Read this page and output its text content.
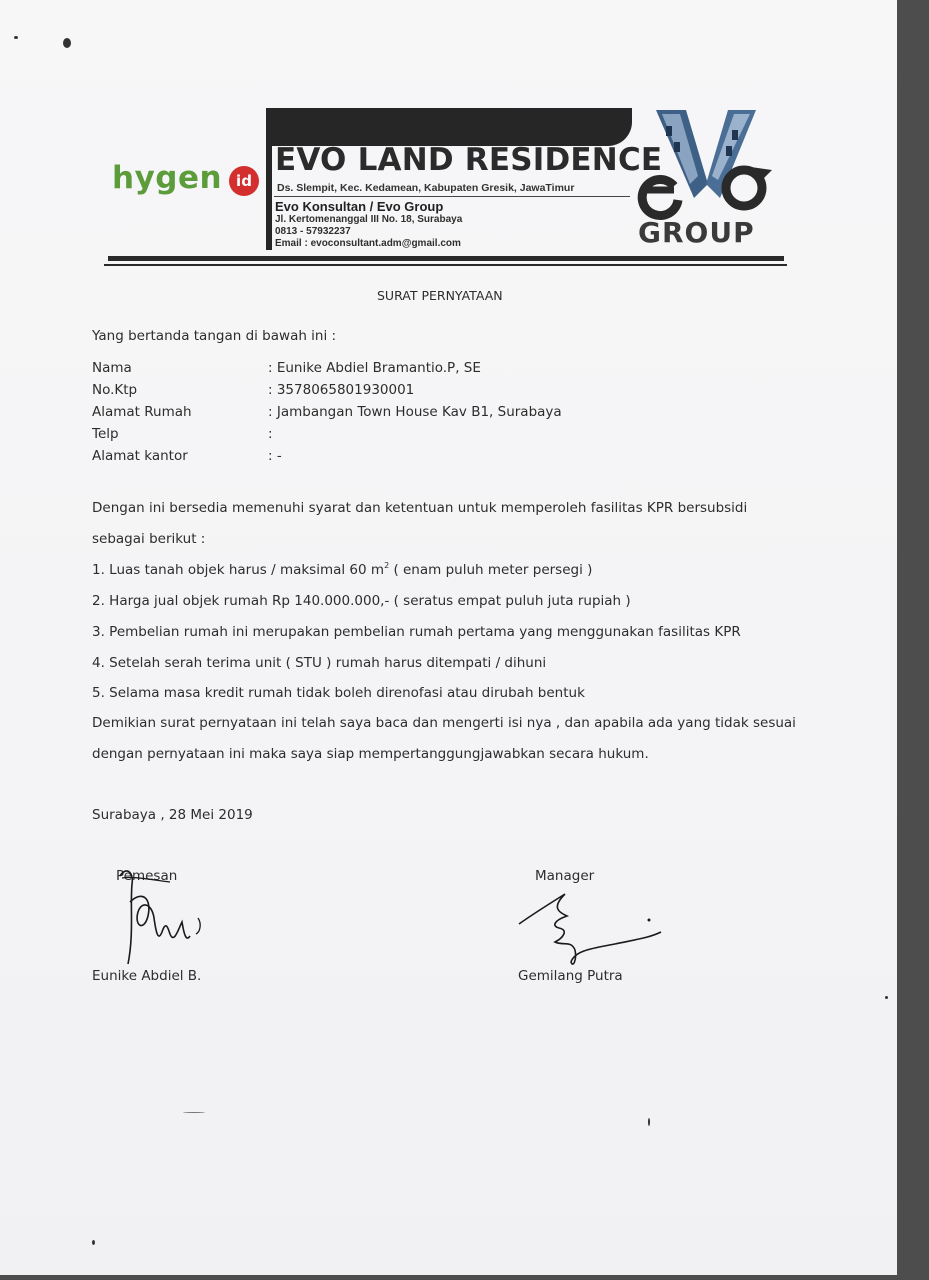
hygen id
EVO LAND RESIDENCE
Ds. Slempit, Kec. Kedamean, Kabupaten Gresik, JawaTimur
Evo Konsultan / Evo Group
Jl. Kertomenanggal III No. 18, Surabaya
0813 - 57932237
Email : evoconsultant.adm@gmail.com	GROUP
SURAT PERNYATAAN
Yang bertanda tangan di bawah ini :
Nama	: Eunike Abdiel Bramantio.P, SE
No.Ktp	: 3578065801930001
Alamat Rumah	: Jambangan Town House Kav B1, Surabaya
Telp	:
Alamat kantor	: -
Dengan ini bersedia memenuhi syarat dan ketentuan untuk memperoleh fasilitas KPR bersubsidi
sebagai berikut :
1. Luas tanah objek harus / maksimal 60 $m^2$ ( enam puluh meter persegi )
2. Harga jual objek rumah Rp 140.000.000,- ( seratus empat puluh juta rupiah )
3. Pembelian rumah ini merupakan pembelian rumah pertama yang menggunakan fasilitas KPR
4. Setelah serah terima unit ( STU ) rumah harus ditempati / dihuni
5. Selama masa kredit rumah tidak boleh direnofasi atau dirubah bentuk
Demikian surat pernyataan ini telah saya baca dan mengerti isi nya , dan apabila ada yang tidak sesuai
dengan pernyataan ini maka saya siap mempertanggungjawabkan secara hukum.
Surabaya , 28 Mei 2019
Pemesan
Eunike Abdiel B.
Manager
Gemilang Putra
